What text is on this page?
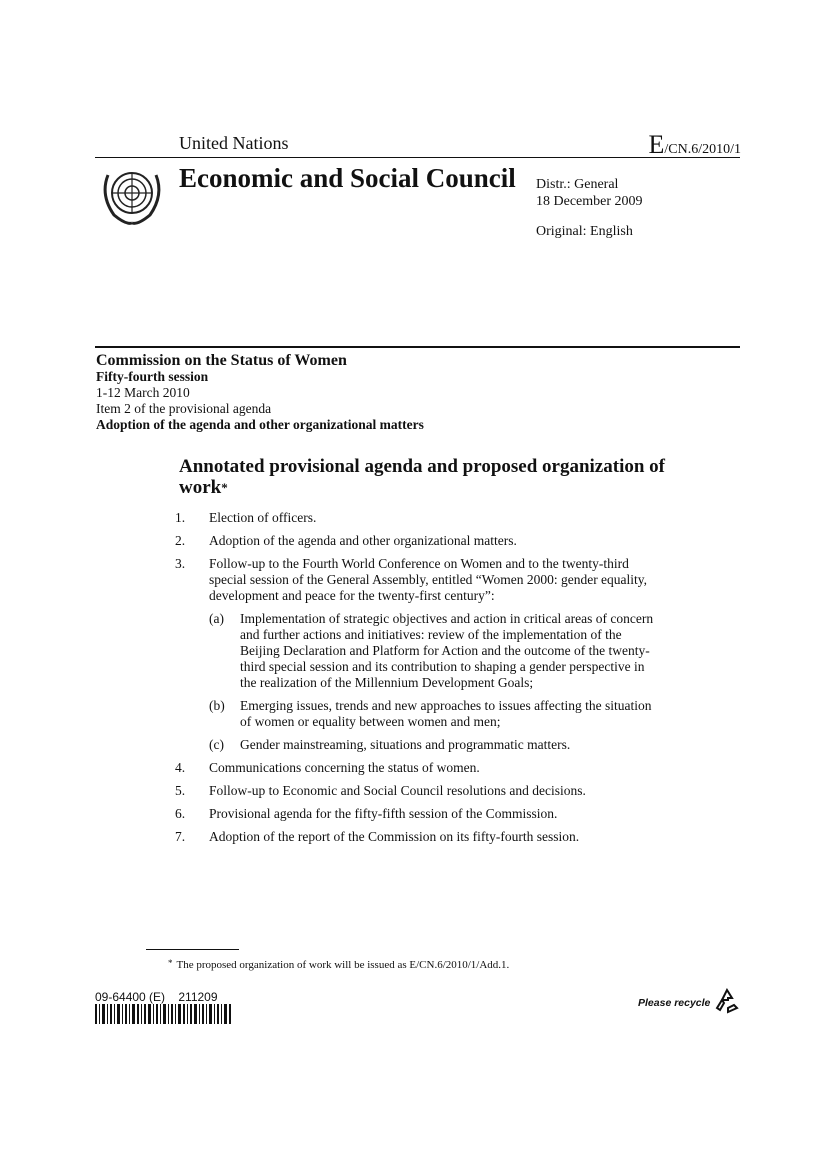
United Nations	E/CN.6/2010/1
Economic and Social Council Distr.: General
18 December 2009
Original: English
Commission on the Status of Women
Fifty-fourth session
1-12 March 2010
Item 2 of the provisional agenda
Adoption of the agenda and other organizational matters
Annotated provisional agenda and proposed organization of work*
1. Election of officers.
2. Adoption of the agenda and other organizational matters.
3. Follow-up to the Fourth World Conference on Women and to the twenty-third special session of the General Assembly, entitled “Women 2000: gender equality, development and peace for the twenty-first century”:
(a) Implementation of strategic objectives and action in critical areas of concern and further actions and initiatives: review of the implementation of the Beijing Declaration and Platform for Action and the outcome of the twenty-third special session and its contribution to shaping a gender perspective in the realization of the Millennium Development Goals;
(b) Emerging issues, trends and new approaches to issues affecting the situation of women or equality between women and men;
(c) Gender mainstreaming, situations and programmatic matters.
4. Communications concerning the status of women.
5. Follow-up to Economic and Social Council resolutions and decisions.
6. Provisional agenda for the fifty-fifth session of the Commission.
7. Adoption of the report of the Commission on its fifty-fourth session.
* The proposed organization of work will be issued as E/CN.6/2010/1/Add.1.
09-64400 (E)    211209	Please recycle
